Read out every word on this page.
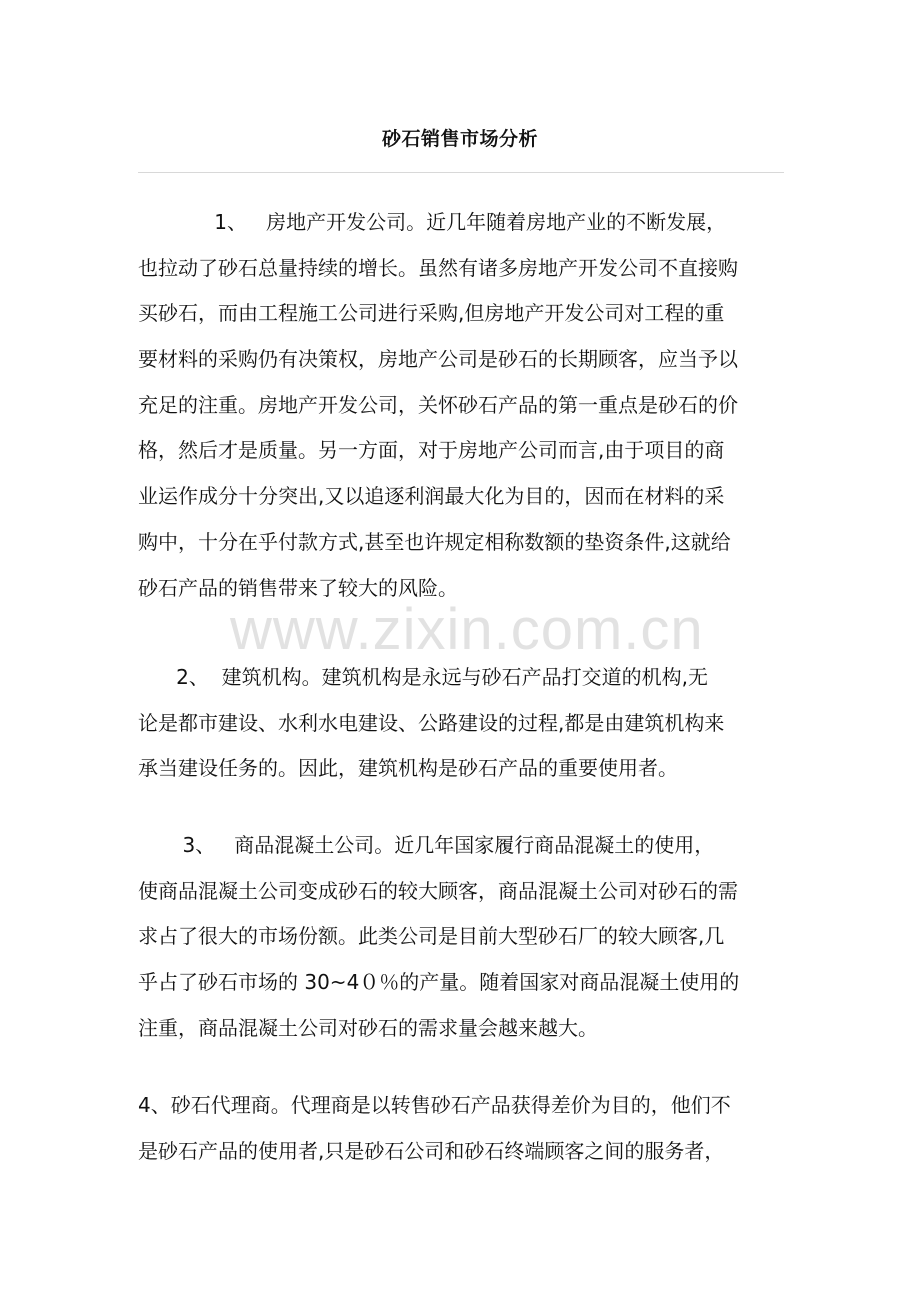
砂石销售市场分析
www.zixin.com.cn
1、   房地产开发公司。近几年随着房地产业的不断发展，
也拉动了砂石总量持续的增长。虽然有诸多房地产开发公司不直接购
买砂石，而由工程施工公司进行采购,但房地产开发公司对工程的重
要材料的采购仍有决策权，房地产公司是砂石的长期顾客，应当予以
充足的注重。房地产开发公司，关怀砂石产品的第一重点是砂石的价
格，然后才是质量。另一方面，对于房地产公司而言,由于项目的商
业运作成分十分突出,又以追逐利润最大化为目的，因而在材料的采
购中，十分在乎付款方式,甚至也许规定相称数额的垫资条件,这就给
砂石产品的销售带来了较大的风险。
2、  建筑机构。建筑机构是永远与砂石产品打交道的机构,无
论是都市建设、水利水电建设、公路建设的过程,都是由建筑机构来
承当建设任务的。因此，建筑机构是砂石产品的重要使用者。
3、   商品混凝土公司。近几年国家履行商品混凝土的使用，
使商品混凝土公司变成砂石的较大顾客，商品混凝土公司对砂石的需
求占了很大的市场份额。此类公司是目前大型砂石厂的较大顾客,几
乎占了砂石市场的 30~4０％的产量。随着国家对商品混凝土使用的
注重，商品混凝土公司对砂石的需求量会越来越大。
4、砂石代理商。代理商是以转售砂石产品获得差价为目的，他们不
是砂石产品的使用者,只是砂石公司和砂石终端顾客之间的服务者，
